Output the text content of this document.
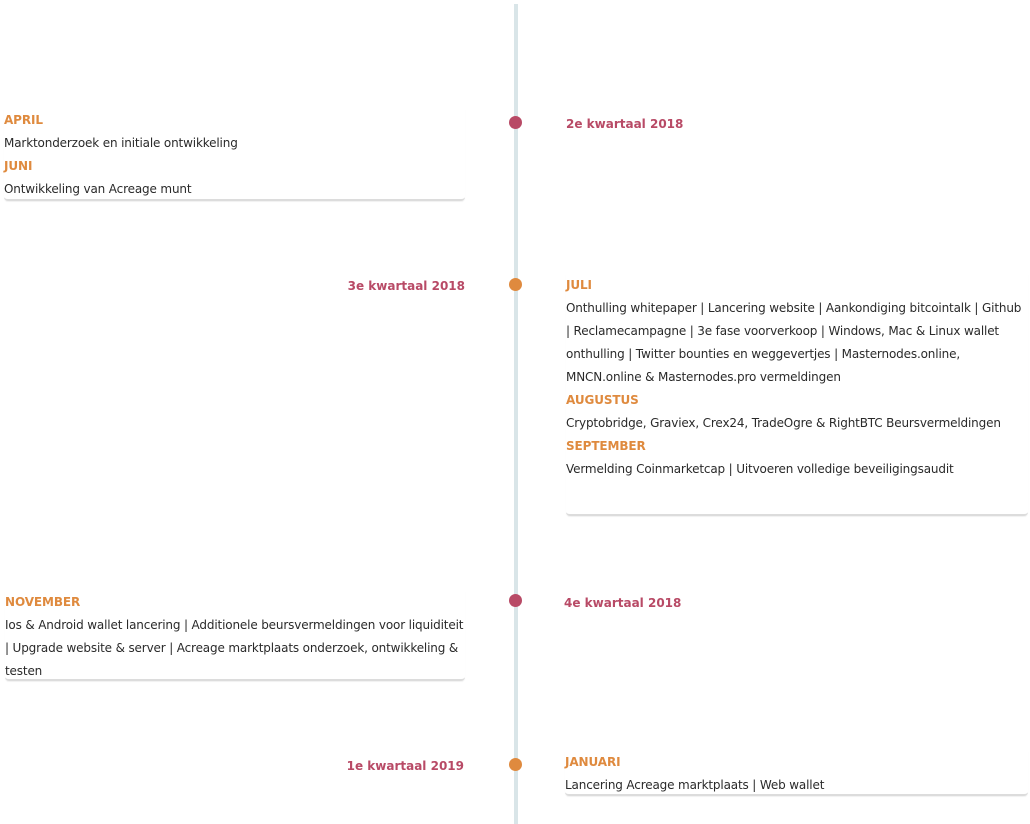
2e kwartaal 2018
APRIL
Marktonderzoek en initiale ontwikkeling
JUNI
Ontwikkeling van Acreage munt
3e kwartaal 2018	JULI
Onthulling whitepaper | Lancering website | Aankondiging bitcointalk | Github | Reclamecampagne | 3e fase voorverkoop | Windows, Mac & Linux wallet onthulling | Twitter bounties en weggevertjes | Masternodes.online, MNCN.online & Masternodes.pro vermeldingen
AUGUSTUS
Cryptobridge, Graviex, Crex24, TradeOgre & RightBTC Beursvermeldingen
SEPTEMBER
Vermelding Coinmarketcap | Uitvoeren volledige beveiligingsaudit
4e kwartaal 2018
NOVEMBER
Ios & Android wallet lancering | Additionele beursvermeldingen voor liquiditeit | Upgrade website & server | Acreage marktplaats onderzoek, ontwikkeling & testen
1e kwartaal 2019	JANUARI
Lancering Acreage marktplaats | Web wallet
